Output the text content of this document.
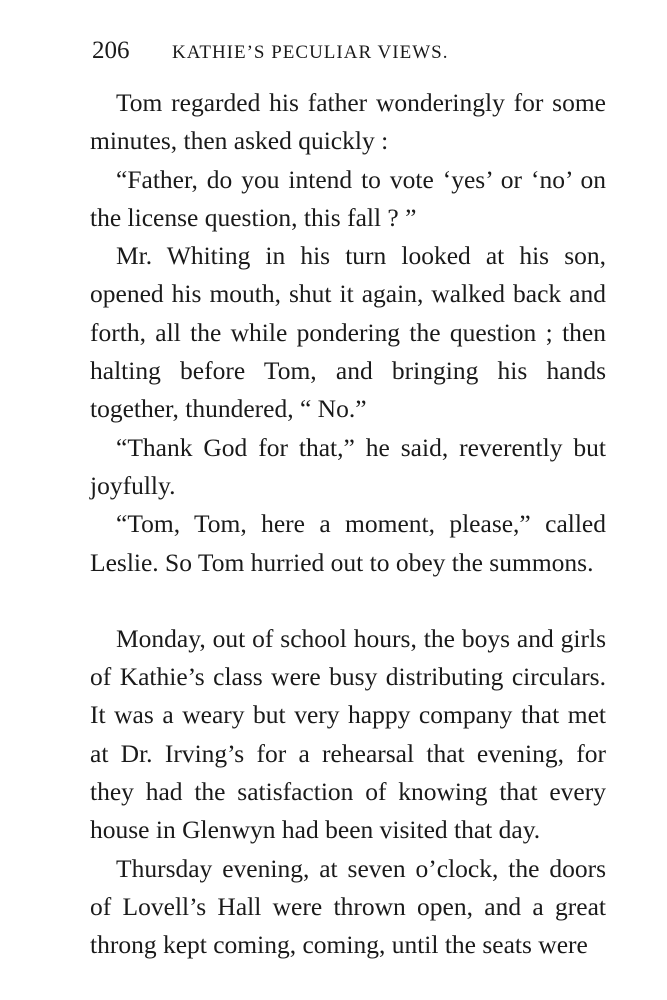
206 KATHIE’S PECULIAR VIEWS.

Tom regarded his father wonderingly for some minutes, then asked quickly :

“Father, do you intend to vote ‘yes’ or ‘no’ on the license question, this fall ? ”

Mr. Whiting in his turn looked at his son, opened his mouth, shut it again, walked back and forth, all the while pondering the question ; then halting before Tom, and bringing his hands together, thundered, “ No.”

“Thank God for that,” he said, reverently but joyfully.

“Tom, Tom, here a moment, please,” called Leslie. So Tom hurried out to obey the summons.

Monday, out of school hours, the boys and girls of Kathie’s class were busy distributing circulars. It was a weary but very happy company that met at Dr. Irving’s for a rehearsal that evening, for they had the satisfaction of knowing that every house in Glenwyn had been visited that day.

Thursday evening, at seven o’clock, the doors of Lovell’s Hall were thrown open, and a great throng kept coming, coming, until the seats were
